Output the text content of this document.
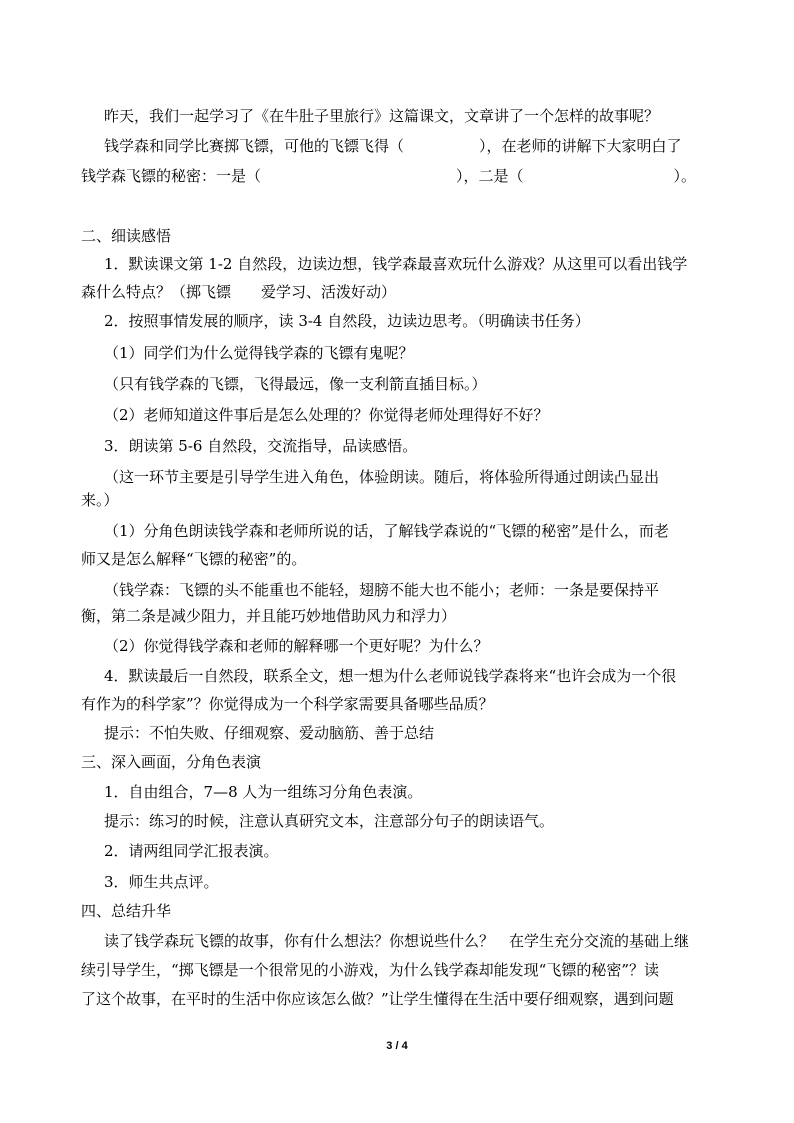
昨天，我们一起学习了《在牛肚子里旅行》这篇课文，文章讲了一个怎样的故事呢？
钱学森和同学比赛掷飞镖，可他的飞镖飞得（　　　　　），在老师的讲解下大家明白了
钱学森飞镖的秘密：一是（　　　　　　　　　　　　　），二是（　　　　　　　　　　）。
二、细读感悟
1．默读课文第 1-2 自然段，边读边想，钱学森最喜欢玩什么游戏？从这里可以看出钱学
森什么特点？（掷飞镖　　爱学习、活泼好动）
2．按照事情发展的顺序，读 3-4 自然段，边读边思考。（明确读书任务）
（1）同学们为什么觉得钱学森的飞镖有鬼呢？
（只有钱学森的飞镖，飞得最远，像一支利箭直插目标。）
（2）老师知道这件事后是怎么处理的？你觉得老师处理得好不好？
3．朗读第 5-6 自然段，交流指导，品读感悟。
（这一环节主要是引导学生进入角色，体验朗读。随后，将体验所得通过朗读凸显出
来。）
（1）分角色朗读钱学森和老师所说的话，了解钱学森说的“飞镖的秘密”是什么，而老
师又是怎么解释“飞镖的秘密”的。
（钱学森：飞镖的头不能重也不能轻，翅膀不能大也不能小；老师：一条是要保持平
衡，第二条是减少阻力，并且能巧妙地借助风力和浮力）
（2）你觉得钱学森和老师的解释哪一个更好呢？为什么？
4．默读最后一自然段，联系全文，想一想为什么老师说钱学森将来“也许会成为一个很
有作为的科学家”？你觉得成为一个科学家需要具备哪些品质？
提示：不怕失败、仔细观察、爱动脑筋、善于总结
三、深入画面，分角色表演
1．自由组合，7—8 人为一组练习分角色表演。
提示：练习的时候，注意认真研究文本，注意部分句子的朗读语气。
2．请两组同学汇报表演。
3．师生共点评。
四、总结升华
读了钱学森玩飞镖的故事，你有什么想法？你想说些什么？　在学生充分交流的基础上继
续引导学生，“掷飞镖是一个很常见的小游戏，为什么钱学森却能发现“飞镖的秘密”？读
了这个故事，在平时的生活中你应该怎么做？”让学生懂得在生活中要仔细观察，遇到问题
3 / 4
